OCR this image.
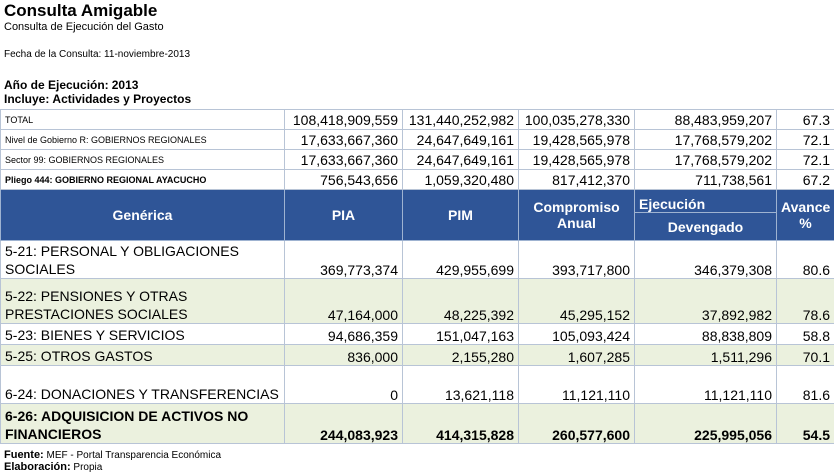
Consulta Amigable
Consulta de Ejecución del Gasto
Fecha de la Consulta: 11-noviembre-2013
Año de Ejecución: 2013
Incluye: Actividades y Proyectos
TOTAL	108,418,909,559	131,440,252,982	100,035,278,330	88,483,959,207	67.3
Nivel de Gobierno R: GOBIERNOS REGIONALES	17,633,667,360	24,647,649,161	19,428,565,978	17,768,579,202	72.1
Sector 99: GOBIERNOS REGIONALES	17,633,667,360	24,647,649,161	19,428,565,978	17,768,579,202	72.1
Pliego 444: GOBIERNO REGIONAL AYACUCHO	756,543,656	1,059,320,480	817,412,370	711,738,561	67.2
Genérica	PIA	PIM	Compromiso Anual	Ejecución	Avance %
				Devengado	
5-21: PERSONAL Y OBLIGACIONES SOCIALES	369,773,374	429,955,699	393,717,800	346,379,308	80.6
5-22: PENSIONES Y OTRAS PRESTACIONES SOCIALES	47,164,000	48,225,392	45,295,152	37,892,982	78.6
5-23: BIENES Y SERVICIOS	94,686,359	151,047,163	105,093,424	88,838,809	58.8
5-25: OTROS GASTOS	836,000	2,155,280	1,607,285	1,511,296	70.1
6-24: DONACIONES Y TRANSFERENCIAS	0	13,621,118	11,121,110	11,121,110	81.6
6-26: ADQUISICION DE ACTIVOS NO FINANCIEROS	244,083,923	414,315,828	260,577,600	225,995,056	54.5
Fuente: MEF - Portal Transparencia Económica
Elaboración: Propia
